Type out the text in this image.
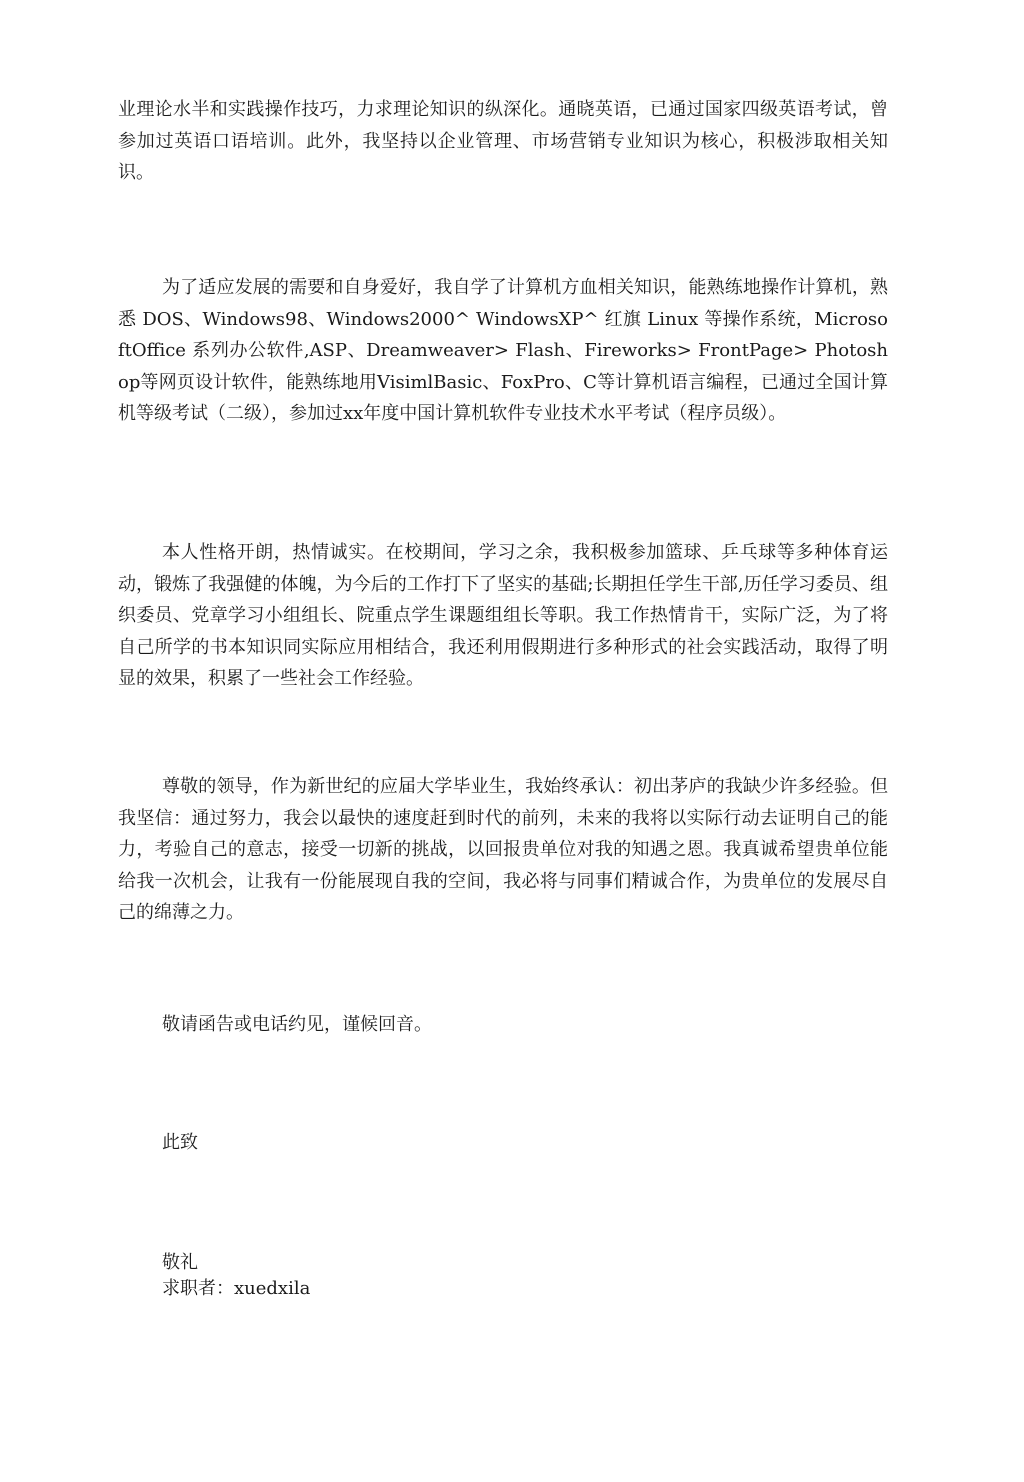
业理论水半和实践操作技巧，力求理论知识的纵深化。通晓英语，已通过国家四级英语考试，曾参加过英语口语培训。此外，我坚持以企业管理、市场营销专业知识为核心，积极涉取相关知识。

为了适应发展的需要和自身爱好，我自学了计算机方血相关知识，能熟练地操作计算机，熟悉 DOS、Windows98、Windows2000^ WindowsXP^ 红旗 Linux 等操作系统，MicrosoftOffice 系列办公软件,ASP、Dreamweaver> Flash、Fireworks> FrontPage> Photoshop等网页设计软件，能熟练地用VisimlBasic、FoxPro、C等计算机语言编程，已通过全国计算机等级考试（二级），参加过xx年度中国计算机软件专业技术水平考试（程序员级）。

本人性格开朗，热情诚实。在校期间，学习之余，我积极参加篮球、乒乓球等多种体育运动，锻炼了我强健的体魄，为今后的工作打下了坚实的基础;长期担任学生干部,历任学习委员、组织委员、党章学习小组组长、院重点学生课题组组长等职。我工作热情肯干，实际广泛，为了将自己所学的书本知识同实际应用相结合，我还利用假期进行多种形式的社会实践活动，取得了明显的效果，积累了一些社会工作经验。

尊敬的领导，作为新世纪的应届大学毕业生，我始终承认：初出茅庐的我缺少许多经验。但我坚信：通过努力，我会以最快的速度赶到时代的前列，未来的我将以实际行动去证明自己的能力，考验自己的意志，接受一切新的挑战，以回报贵单位对我的知遇之恩。我真诚希望贵单位能给我一次机会，让我有一份能展现自我的空间，我必将与同事们精诚合作，为贵单位的发展尽自己的绵薄之力。

敬请函告或电话约见，谨候回音。

此致

敬礼

求职者：xuedxila
